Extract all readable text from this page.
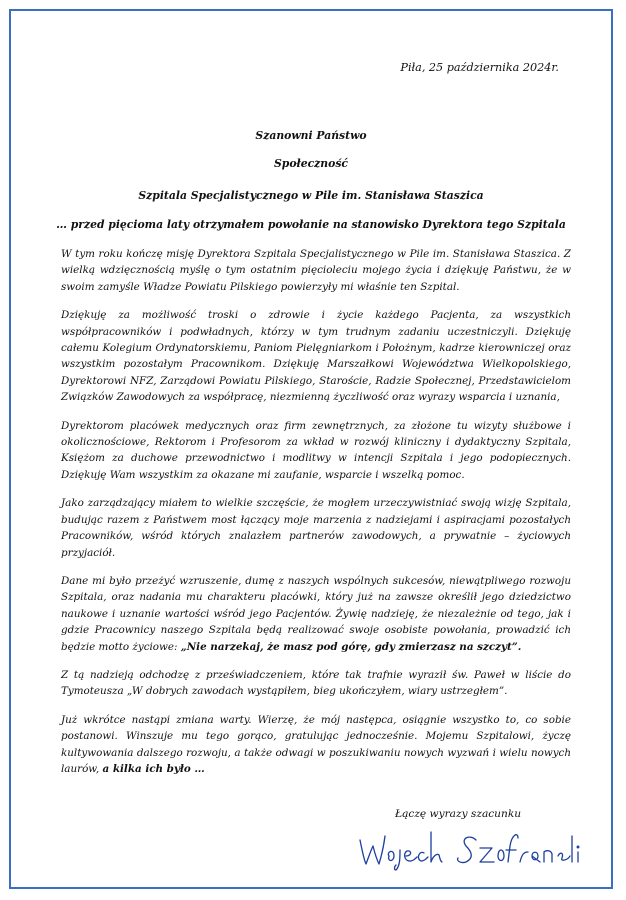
Piła, 25 października 2024r.
Szanowni Państwo
Społeczność
Szpitala Specjalistycznego w Pile im. Stanisława Staszica
… przed pięcioma laty otrzymałem powołanie na stanowisko Dyrektora tego Szpitala

W tym roku kończę misję Dyrektora Szpitala Specjalistycznego w Pile im. Stanisława Staszica. Z wielką wdzięcznością myślę o tym ostatnim pięcioleciu mojego życia i dziękuję Państwu, że w swoim zamyśle Władze Powiatu Pilskiego powierzyły mi właśnie ten Szpital.

Dziękuję za możliwość troski o zdrowie i życie każdego Pacjenta, za wszystkich współpracowników i podwładnych, którzy w tym trudnym zadaniu uczestniczyli. Dziękuję całemu Kolegium Ordynatorskiemu, Paniom Pielęgniarkom i Położnym, kadrze kierowniczej oraz wszystkim pozostałym Pracownikom. Dziękuję Marszałkowi Województwa Wielkopolskiego, Dyrektorowi NFZ, Zarządowi Powiatu Pilskiego, Staroście, Radzie Społecznej, Przedstawicielom Związków Zawodowych za współpracę, niezmienną życzliwość oraz wyrazy wsparcia i uznania,

Dyrektorom placówek medycznych oraz firm zewnętrznych, za złożone tu wizyty służbowe i okolicznościowe, Rektorom i Profesorom za wkład w rozwój kliniczny i dydaktyczny Szpitala, Księżom za duchowe przewodnictwo i modlitwy w intencji Szpitala i jego podopiecznych. Dziękuję Wam wszystkim za okazane mi zaufanie, wsparcie i wszelką pomoc.

Jako zarządzający miałem to wielkie szczęście, że mogłem urzeczywistniać swoją wizję Szpitala, budując razem z Państwem most łączący moje marzenia z nadziejami i aspiracjami pozostałych Pracowników, wśród których znalazłem partnerów zawodowych, a prywatnie – życiowych przyjaciół.

Dane mi było przeżyć wzruszenie, dumę z naszych wspólnych sukcesów, niewątpliwego rozwoju Szpitala, oraz nadania mu charakteru placówki, który już na zawsze określił jego dziedzictwo naukowe i uznanie wartości wśród jego Pacjentów. Żywię nadzieję, że niezależnie od tego, jak i gdzie Pracownicy naszego Szpitala będą realizować swoje osobiste powołania, prowadzić ich będzie motto życiowe: „Nie narzekaj, że masz pod górę, gdy zmierzasz na szczyt”.

Z tą nadzieją odchodzę z przeświadczeniem, które tak trafnie wyraził św. Paweł w liście do Tymoteusza „W dobrych zawodach wystąpiłem, bieg ukończyłem, wiary ustrzegłem”.

Już wkrótce nastąpi zmiana warty. Wierzę, że mój następca, osiągnie wszystko to, co sobie postanowi. Winszuje mu tego gorąco, gratulując jednocześnie. Mojemu Szpitalowi, życzę kultywowania dalszego rozwoju, a także odwagi w poszukiwaniu nowych wyzwań i wielu nowych laurów, a kilka ich było …

Łączę wyrazy szacunku
